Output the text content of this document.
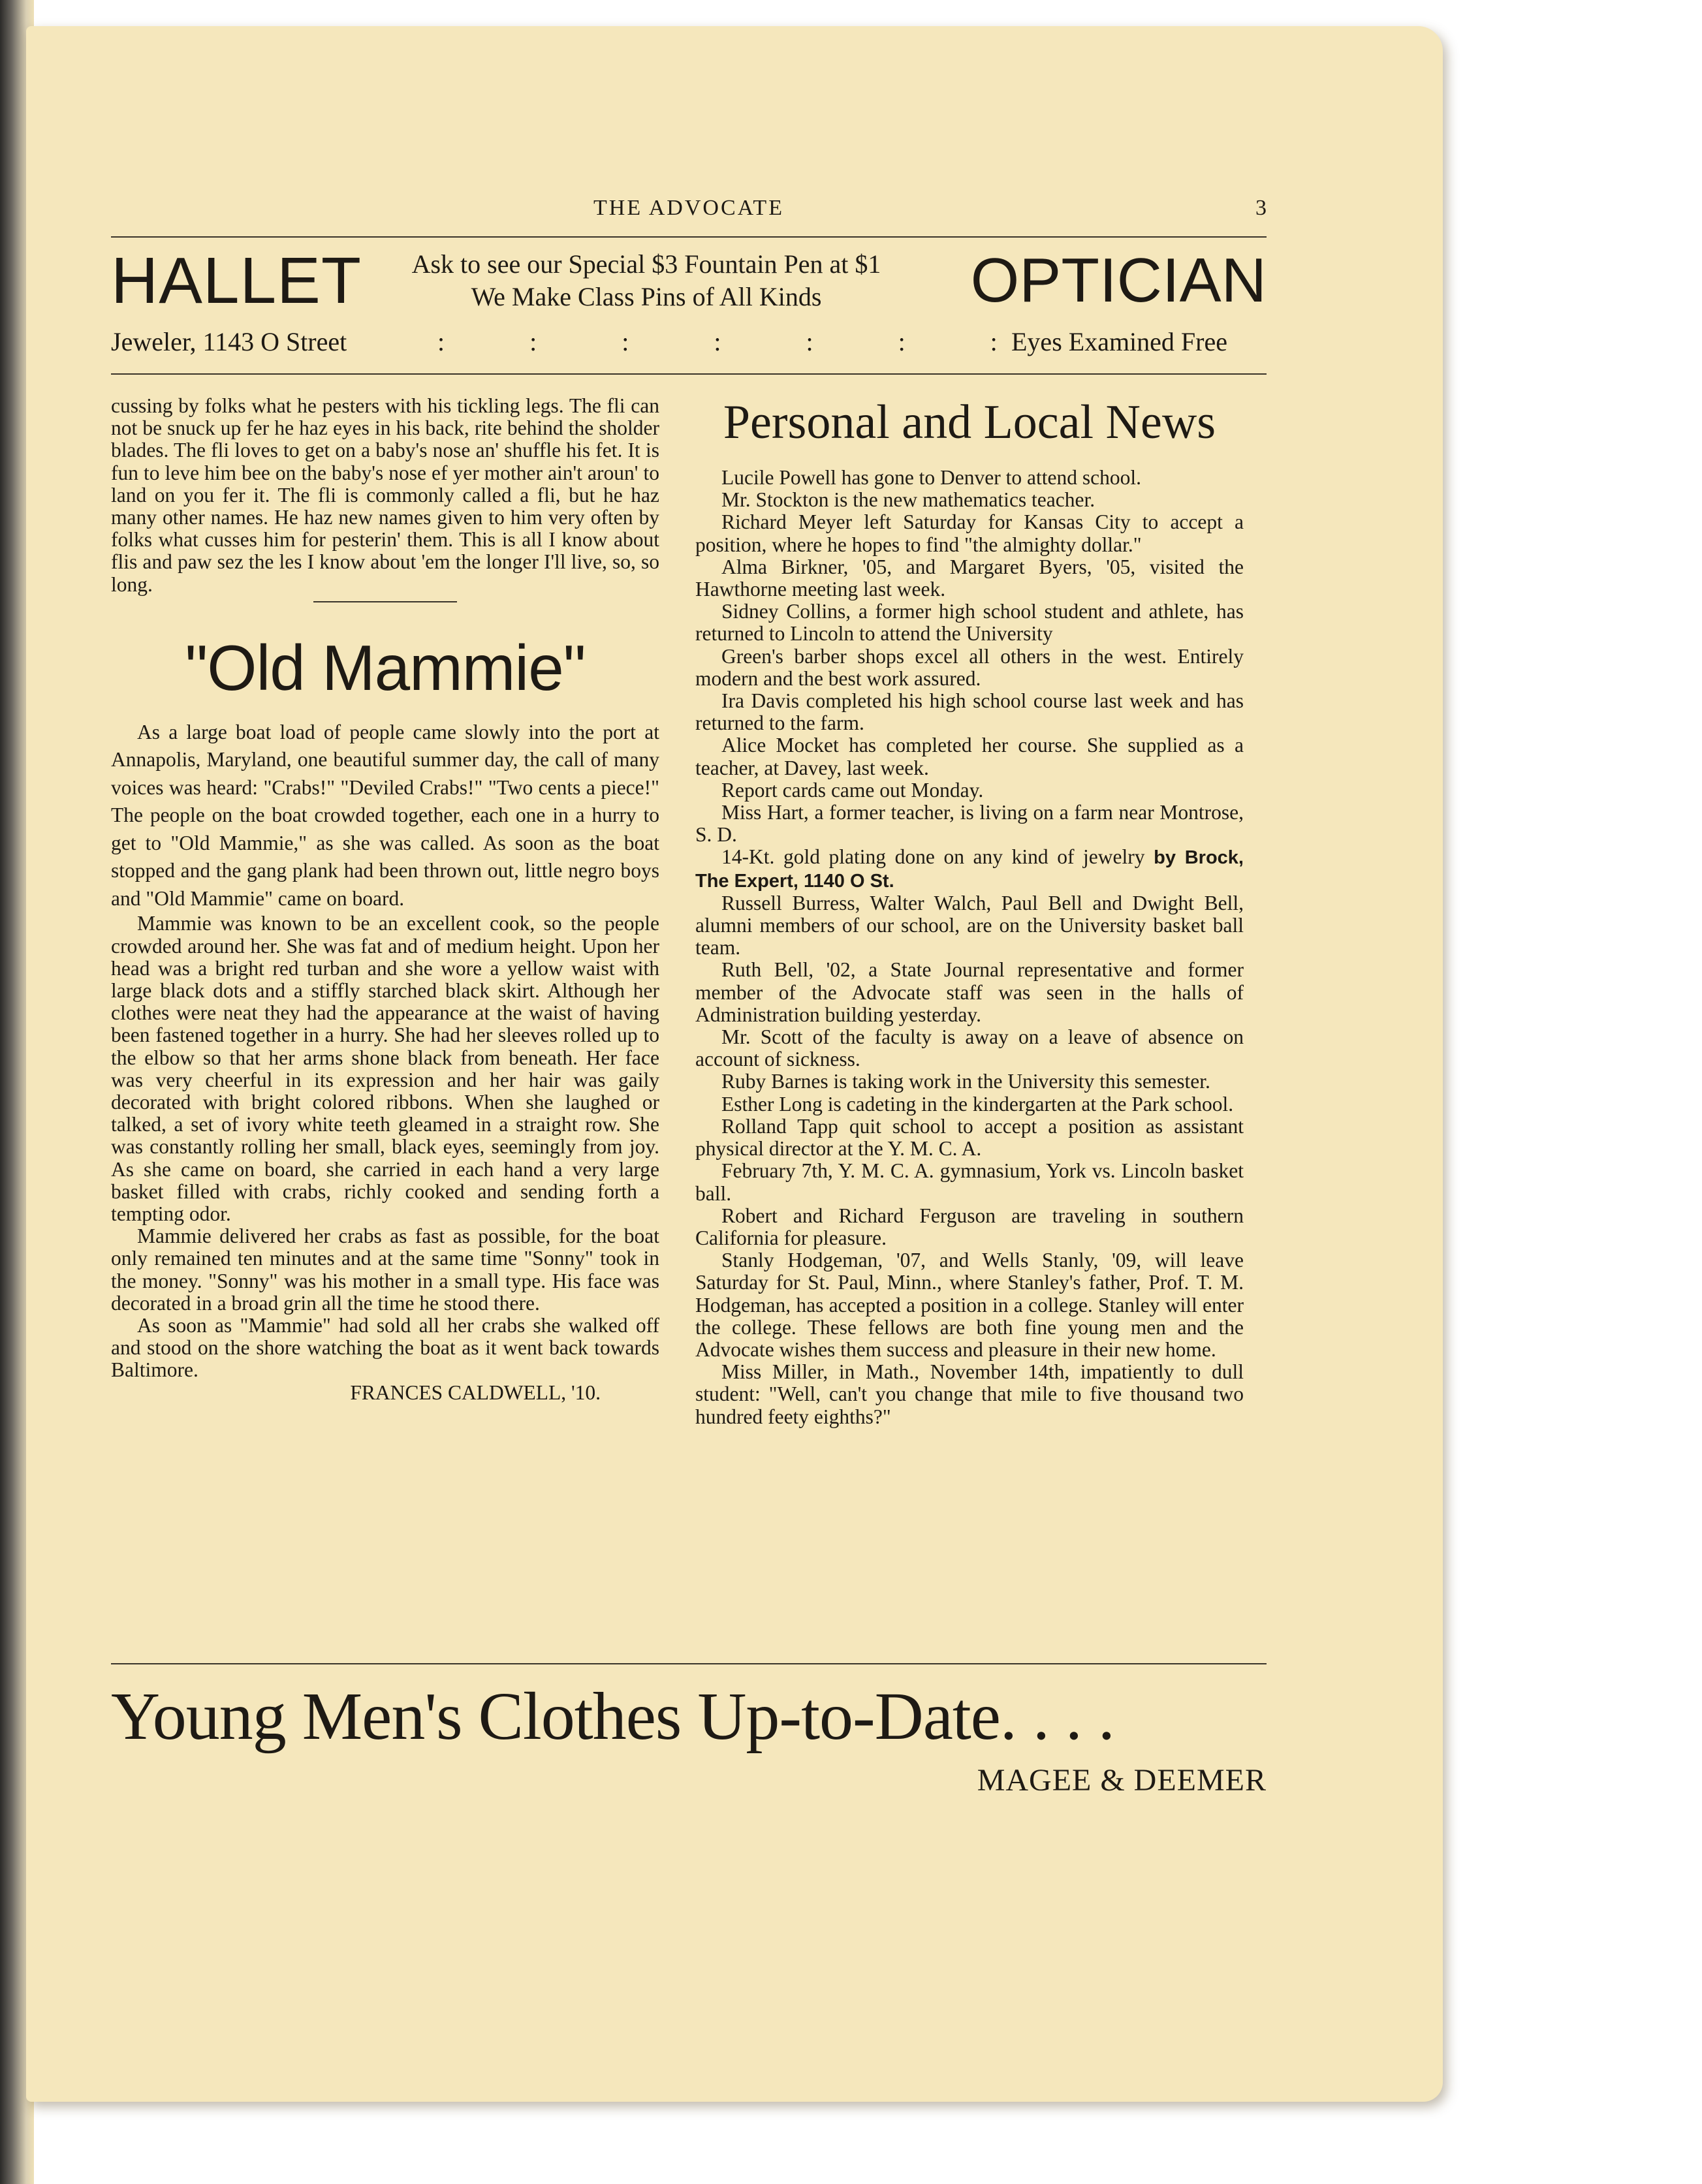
THE ADVOCATE	3
HALLET
Jeweler, 1143 O Street
Ask to see our Special $3 Fountain Pen at $1
We Make Class Pins of All Kinds
: : : : : : :
OPTICIAN
Eyes Examined Free

cussing by folks what he pesters with his tickling legs. The fli can not be snuck up fer he haz eyes in his back, rite behind the sholder blades. The fli loves to get on a baby's nose an' shuffle his fet. It is fun to leve him bee on the baby's nose ef yer mother ain't aroun' to land on you fer it. The fli is commonly called a fli, but he haz many other names. He haz new names given to him very often by folks what cusses him for pesterin' them. This is all I know about flis and paw sez the les I know about 'em the longer I'll live, so, so long.

"Old Mammie"

As a large boat load of people came slowly into the port at Annapolis, Maryland, one beautiful summer day, the call of many voices was heard: "Crabs!" "Deviled Crabs!" "Two cents a piece!" The people on the boat crowded together, each one in a hurry to get to "Old Mammie," as she was called. As soon as the boat stopped and the gang plank had been thrown out, little negro boys and "Old Mammie" came on board.

Mammie was known to be an excellent cook, so the people crowded around her. She was fat and of medium height. Upon her head was a bright red turban and she wore a yellow waist with large black dots and a stiffly starched black skirt. Although her clothes were neat they had the appearance at the waist of having been fastened together in a hurry. She had her sleeves rolled up to the elbow so that her arms shone black from beneath. Her face was very cheerful in its expression and her hair was gaily decorated with bright colored ribbons. When she laughed or talked, a set of ivory white teeth gleamed in a straight row. She was constantly rolling her small, black eyes, seemingly from joy. As she came on board, she carried in each hand a very large basket filled with crabs, richly cooked and sending forth a tempting odor.

Mammie delivered her crabs as fast as possible, for the boat only remained ten minutes and at the same time "Sonny" took in the money. "Sonny" was his mother in a small type. His face was decorated in a broad grin all the time he stood there.

As soon as "Mammie" had sold all her crabs she walked off and stood on the shore watching the boat as it went back towards Baltimore.

FRANCES CALDWELL, '10.

Personal and Local News

Lucile Powell has gone to Denver to attend school.

Mr. Stockton is the new mathematics teacher.

Richard Meyer left Saturday for Kansas City to accept a position, where he hopes to find "the almighty dollar."

Alma Birkner, '05, and Margaret Byers, '05, visited the Hawthorne meeting last week.

Sidney Collins, a former high school student and athlete, has returned to Lincoln to attend the University

Green's barber shops excel all others in the west. Entirely modern and the best work assured.

Ira Davis completed his high school course last week and has returned to the farm.

Alice Mocket has completed her course. She supplied as a teacher, at Davey, last week.

Report cards came out Monday.

Miss Hart, a former teacher, is living on a farm near Montrose, S. D.

14-Kt. gold plating done on any kind of jewelry by Brock, The Expert, 1140 O St.

Russell Burress, Walter Walch, Paul Bell and Dwight Bell, alumni members of our school, are on the University basket ball team.

Ruth Bell, '02, a State Journal representative and former member of the Advocate staff was seen in the halls of Administration building yesterday.

Mr. Scott of the faculty is away on a leave of absence on account of sickness.

Ruby Barnes is taking work in the University this semester.

Esther Long is cadeting in the kindergarten at the Park school.

Rolland Tapp quit school to accept a position as assistant physical director at the Y. M. C. A.

February 7th, Y. M. C. A. gymnasium, York vs. Lincoln basket ball.

Robert and Richard Ferguson are traveling in southern California for pleasure.

Stanly Hodgeman, '07, and Wells Stanly, '09, will leave Saturday for St. Paul, Minn., where Stanley's father, Prof. T. M. Hodgeman, has accepted a position in a college. Stanley will enter the college. These fellows are both fine young men and the Advocate wishes them success and pleasure in their new home.

Miss Miller, in Math., November 14th, impatiently to dull student: "Well, can't you change that mile to five thousand two hundred feety eighths?"

Young Men's Clothes Up-to-Date. . . .
MAGEE & DEEMER
